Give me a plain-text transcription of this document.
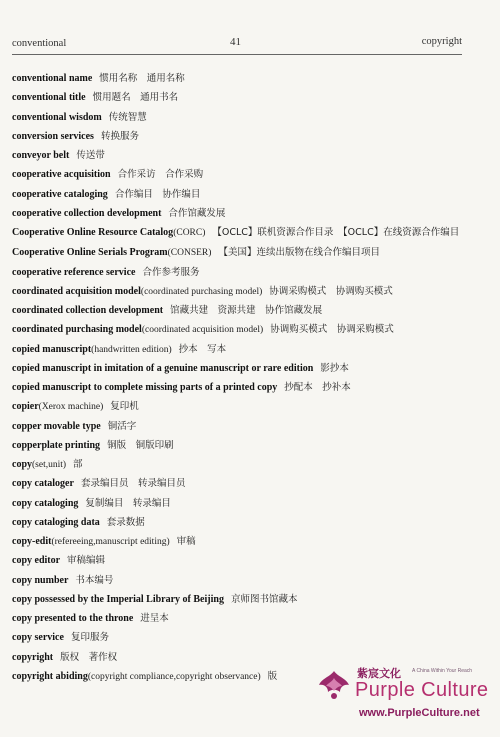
conventional	41	copyright
conventional name 惯用名称　通用名称
conventional title 惯用题名　通用书名
conventional wisdom 传统智慧
conversion services 转换服务
conveyor belt 传送带
cooperative acquisition 合作采访　合作采购
cooperative cataloging 合作编目　协作编目
cooperative collection development 合作馆藏发展
Cooperative Online Resource Catalog(CORC) 【OCLC】联机资源合作目录　【OCLC】在线资源合作编目
Cooperative Online Serials Program(CONSER) 【美国】连续出版物在线合作编目项目
cooperative reference service 合作参考服务
coordinated acquisition model(coordinated purchasing model) 协调采购模式　协调购买模式
coordinated collection development 馆藏共建　资源共建　协作馆藏发展
coordinated purchasing model(coordinated acquisition model) 协调购买模式　协调采购模式
copied manuscript(handwritten edition) 抄本　写本
copied manuscript in imitation of a genuine manuscript or rare edition 影抄本
copied manuscript to complete missing parts of a printed copy 抄配本　抄补本
copier(Xerox machine) 复印机
copper movable type 铜活字
copperplate printing 铜版　铜版印刷
copy(set,unit) 部
copy cataloger 套录编目员　转录编目员
copy cataloging 复制编目　转录编目
copy cataloging data 套录数据
copy-edit(refereeing,manuscript editing) 审稿
copy editor 审稿编辑
copy number 书本编号
copy possessed by the Imperial Library of Beijing 京师图书馆藏本
copy presented to the throne 进呈本
copy service 复印服务
copyright 版权　著作权
copyright abiding(copyright compliance,copyright observance) 版	紫宸文化 A China Within Your Reach
Purple Culture
www.PurpleCulture.net
